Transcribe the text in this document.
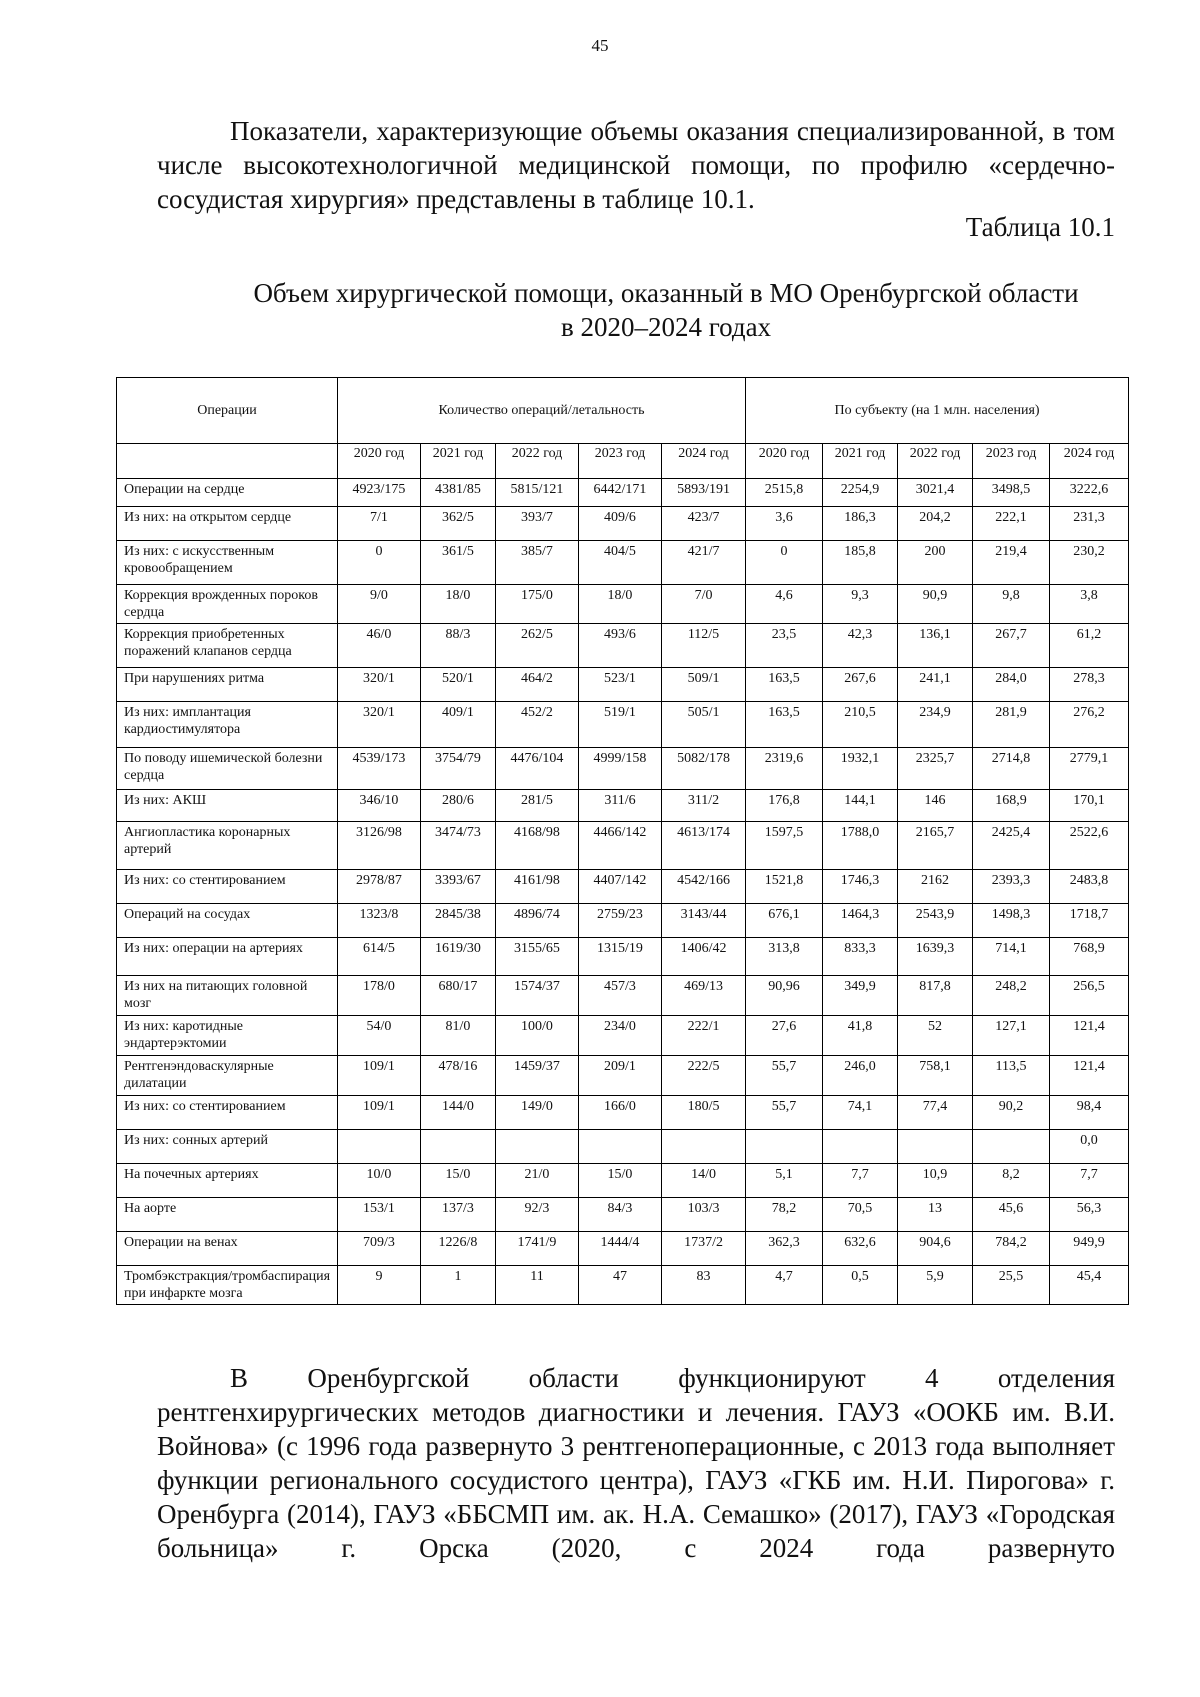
45

Показатели, характеризующие объемы оказания специализированной, в том числе высокотехнологичной медицинской помощи, по профилю «сердечно-сосудистая хирургия» представлены в таблице 10.1.

Таблица 10.1
Объем хирургической помощи, оказанный в МО Оренбургской области
в 2020–2024 годах
Операции	Количество операций/летальность					По субъекту (на 1 млн. населения)				
	2020 год	2021 год	2022 год	2023 год	2024 год	2020 год	2021 год	2022 год	2023 год	2024 год
Операции на сердце	4923/175	4381/85	5815/121	6442/171	5893/191	2515,8	2254,9	3021,4	3498,5	3222,6
Из них: на открытом сердце	7/1	362/5	393/7	409/6	423/7	3,6	186,3	204,2	222,1	231,3
Из них: с искусственным кровообращением	0	361/5	385/7	404/5	421/7	0	185,8	200	219,4	230,2
Коррекция врожденных пороков сердца	9/0	18/0	175/0	18/0	7/0	4,6	9,3	90,9	9,8	3,8
Коррекция приобретенных поражений клапанов сердца	46/0	88/3	262/5	493/6	112/5	23,5	42,3	136,1	267,7	61,2
При нарушениях ритма	320/1	520/1	464/2	523/1	509/1	163,5	267,6	241,1	284,0	278,3
Из них: имплантация кардиостимулятора	320/1	409/1	452/2	519/1	505/1	163,5	210,5	234,9	281,9	276,2
По поводу ишемической болезни сердца	4539/173	3754/79	4476/104	4999/158	5082/178	2319,6	1932,1	2325,7	2714,8	2779,1
Из них: АКШ	346/10	280/6	281/5	311/6	311/2	176,8	144,1	146	168,9	170,1
Ангиопластика коронарных артерий	3126/98	3474/73	4168/98	4466/142	4613/174	1597,5	1788,0	2165,7	2425,4	2522,6
Из них: со стентированием	2978/87	3393/67	4161/98	4407/142	4542/166	1521,8	1746,3	2162	2393,3	2483,8
Операций на сосудах	1323/8	2845/38	4896/74	2759/23	3143/44	676,1	1464,3	2543,9	1498,3	1718,7
Из них: операции на артериях	614/5	1619/30	3155/65	1315/19	1406/42	313,8	833,3	1639,3	714,1	768,9
Из них на питающих головной мозг	178/0	680/17	1574/37	457/3	469/13	90,96	349,9	817,8	248,2	256,5
Из них: каротидные эндартерэктомии	54/0	81/0	100/0	234/0	222/1	27,6	41,8	52	127,1	121,4
Рентгенэндоваскулярные дилатации	109/1	478/16	1459/37	209/1	222/5	55,7	246,0	758,1	113,5	121,4
Из них: со стентированием	109/1	144/0	149/0	166/0	180/5	55,7	74,1	77,4	90,2	98,4
Из них: сонных артерий										0,0
На почечных артериях	10/0	15/0	21/0	15/0	14/0	5,1	7,7	10,9	8,2	7,7
На аорте	153/1	137/3	92/3	84/3	103/3	78,2	70,5	13	45,6	56,3
Операции на венах	709/3	1226/8	1741/9	1444/4	1737/2	362,3	632,6	904,6	784,2	949,9
Тромбэкстракция/тромбаспирация при инфаркте мозга	9	1	11	47	83	4,7	0,5	5,9	25,5	45,4

В Оренбургской области функционируют 4 отделения рентгенхирургических методов диагностики и лечения. ГАУЗ «ООКБ им. В.И. Войнова» (с 1996 года развернуто 3 рентгеноперационные, с 2013 года выполняет функции регионального сосудистого центра), ГАУЗ «ГКБ им. Н.И. Пирогова» г. Оренбурга (2014), ГАУЗ «ББСМП им. ак. Н.А. Семашко» (2017), ГАУЗ «Городская больница» г. Орска (2020, с 2024 года развернуто
